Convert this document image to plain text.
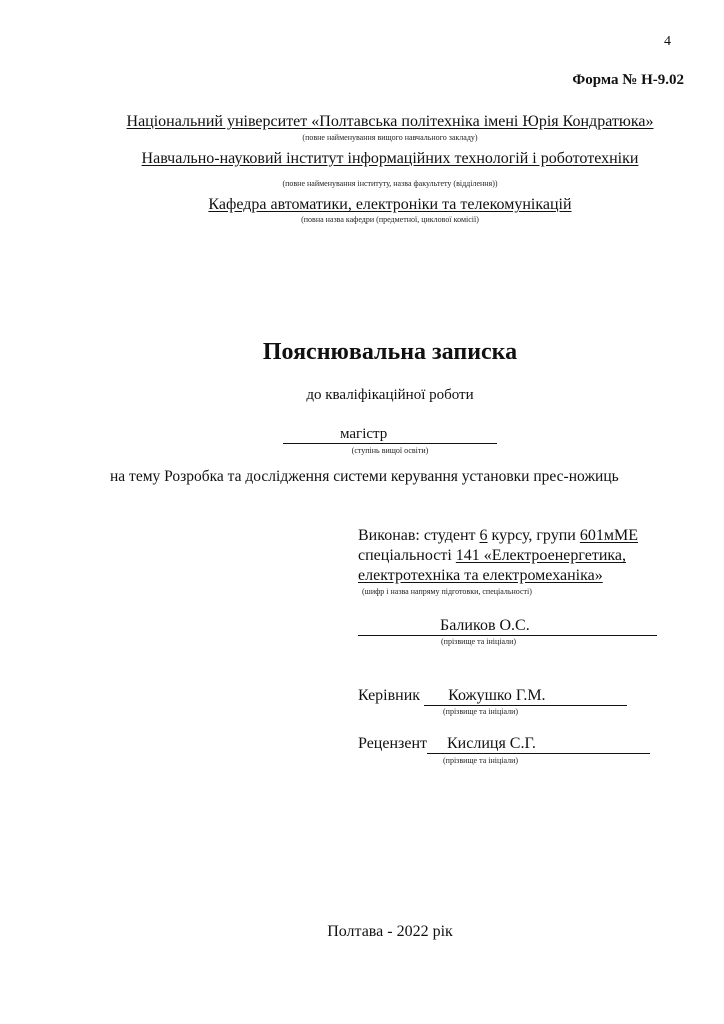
4
Форма № Н-9.02
Національний університет «Полтавська політехніка імені Юрія Кондратюка»
(повне найменування вищого навчального закладу)
Навчально-науковий інститут інформаційних технологій і робототехніки
(повне найменування інституту, назва факультету (відділення))
Кафедра автоматики, електроніки та телекомунікацій
(повна назва кафедри (предметної, циклової комісії)
Пояснювальна записка
до кваліфікаційної роботи
магістр
(ступінь вищої освіти)
на тему Розробка та дослідження системи керування установки прес-ножиць
Виконав: студент 6 курсу, групи 601мМЕ
спеціальності 141 «Електроенергетика,
електротехніка та електромеханіка»
(шифр і назва напряму підготовки, спеціальності)
Баликов О.С.
(прізвище та ініціали)
Керівник Кожушко Г.М.
(прізвище та ініціали)
Рецензент Кислиця С.Г.
(прізвище та ініціали)
Полтава - 2022 рік
